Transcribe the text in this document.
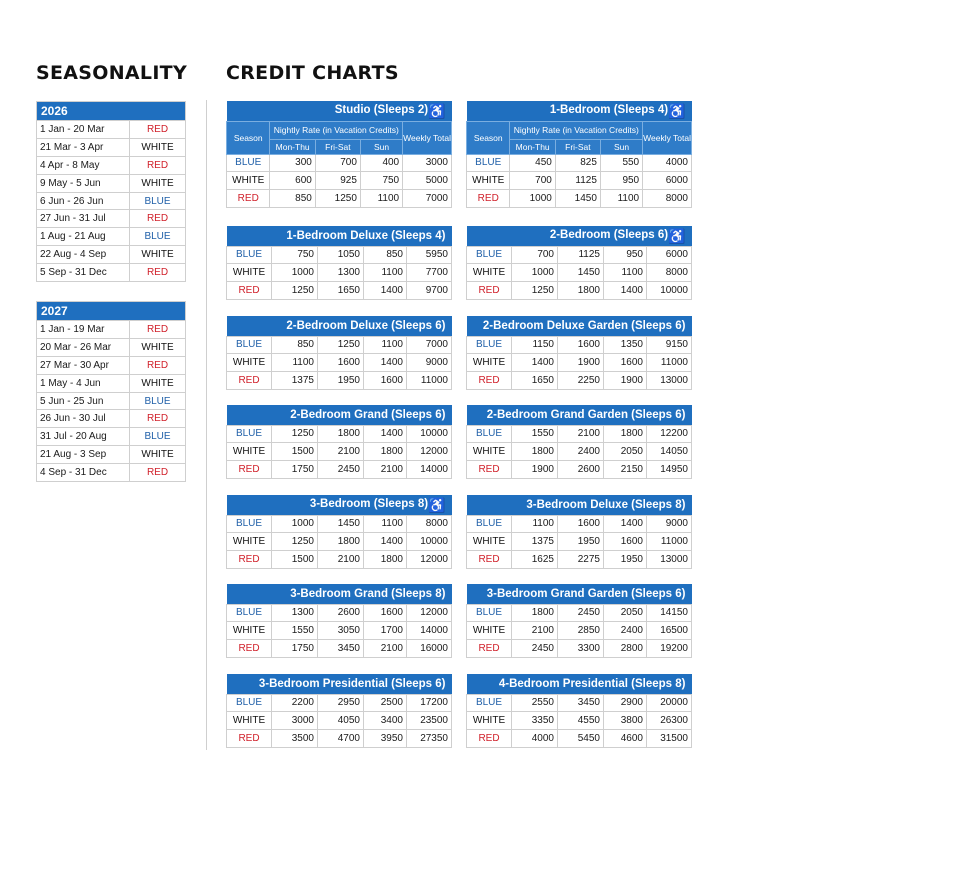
SEASONALITY CREDIT CHARTS
2026	
1 Jan - 20 Mar	RED
21 Mar - 3 Apr	WHITE
4 Apr - 8 May	RED
9 May - 5 Jun	WHITE
6 Jun - 26 Jun	BLUE
27 Jun - 31 Jul	RED
1 Aug - 21 Aug	BLUE
22 Aug - 4 Sep	WHITE
5 Sep - 31 Dec	RED
2027	
1 Jan - 19 Mar	RED
20 Mar - 26 Mar	WHITE
27 Mar - 30 Apr	RED
1 May - 4 Jun	WHITE
5 Jun - 25 Jun	BLUE
26 Jun - 30 Jul	RED
31 Jul - 20 Aug	BLUE
21 Aug - 3 Sep	WHITE
4 Sep - 31 Dec	RED
Studio (Sleeps 2) ♿				

Season	Nightly Rate (in Vacation Credits)			Weekly Total
	Mon-Thu	Fri-Sat	Sun	
BLUE	300	700	400	3000
WHITE	600	925	750	5000
RED	850	1250	1100	7000
1-Bedroom (Sleeps 4) ♿				

Season	Nightly Rate (in Vacation Credits)			Weekly Total
	Mon-Thu	Fri-Sat	Sun	
BLUE	450	825	550	4000
WHITE	700	1125	950	6000
RED	1000	1450	1100	8000
1-Bedroom Deluxe (Sleeps 4)				
BLUE	750	1050	850	5950
WHITE	1000	1300	1100	7700
RED	1250	1650	1400	9700
2-Bedroom (Sleeps 6) ♿				

BLUE	700	1125	950	6000
WHITE	1000	1450	1100	8000
RED	1250	1800	1400	10000
2-Bedroom Deluxe (Sleeps 6)				
BLUE	850	1250	1100	7000
WHITE	1100	1600	1400	9000
RED	1375	1950	1600	11000
2-Bedroom Deluxe Garden (Sleeps 6)				
BLUE	1150	1600	1350	9150
WHITE	1400	1900	1600	11000
RED	1650	2250	1900	13000
2-Bedroom Grand (Sleeps 6)				
BLUE	1250	1800	1400	10000
WHITE	1500	2100	1800	12000
RED	1750	2450	2100	14000
2-Bedroom Grand Garden (Sleeps 6)				
BLUE	1550	2100	1800	12200
WHITE	1800	2400	2050	14050
RED	1900	2600	2150	14950
3-Bedroom (Sleeps 8) ♿				

BLUE	1000	1450	1100	8000
WHITE	1250	1800	1400	10000
RED	1500	2100	1800	12000
3-Bedroom Deluxe (Sleeps 8)				
BLUE	1100	1600	1400	9000
WHITE	1375	1950	1600	11000
RED	1625	2275	1950	13000
3-Bedroom Grand (Sleeps 8)				
BLUE	1300	2600	1600	12000
WHITE	1550	3050	1700	14000
RED	1750	3450	2100	16000
3-Bedroom Grand Garden (Sleeps 6)				
BLUE	1800	2450	2050	14150
WHITE	2100	2850	2400	16500
RED	2450	3300	2800	19200
3-Bedroom Presidential (Sleeps 6)				
BLUE	2200	2950	2500	17200
WHITE	3000	4050	3400	23500
RED	3500	4700	3950	27350
4-Bedroom Presidential (Sleeps 8)				
BLUE	2550	3450	2900	20000
WHITE	3350	4550	3800	26300
RED	4000	5450	4600	31500
